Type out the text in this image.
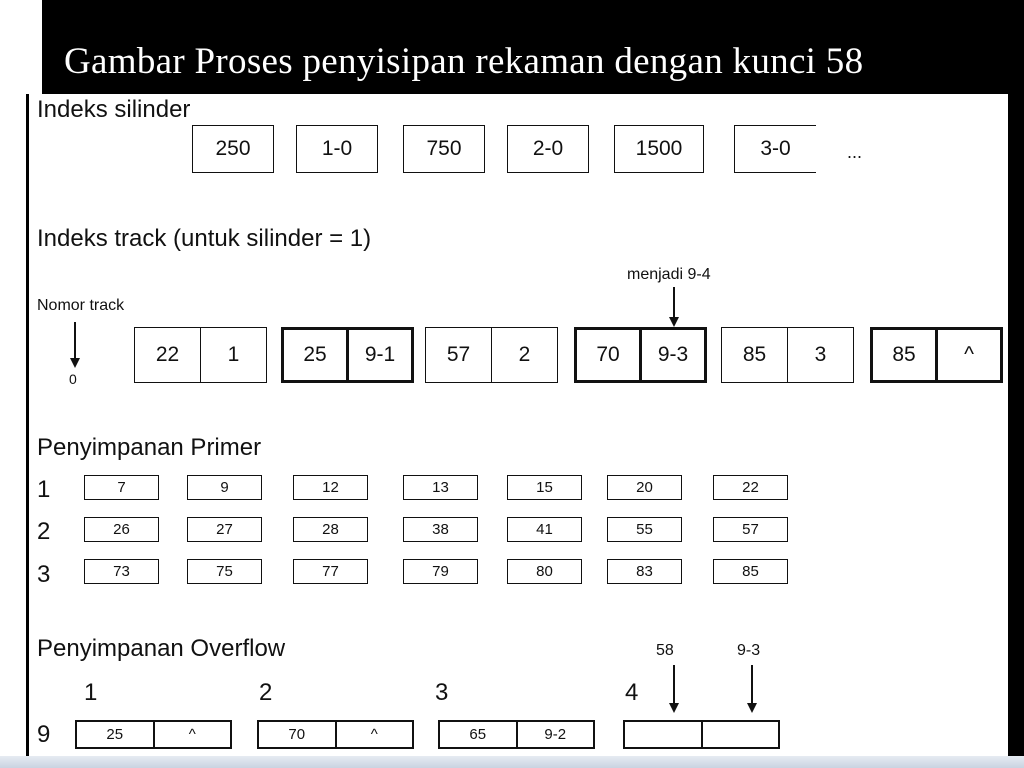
Gambar Proses penyisipan rekaman dengan kunci 58
Indeks silinder
250	1-0	750	2-0	1500	3-0	...
Indeks track (untuk silinder = 1)
Nomor track
0
menjadi 9-4
22	1	25	9-1	57	2	70	9-3	85	3	85	^
Penyimpanan Primer
1
2
3
7	9	12	13	15	20	22
26	27	28	38	41	55	57
73	75	77	79	80	83	85
Penyimpanan Overflow
1	2	3	4
9
58	9-3
25	^	70	^	65	9-2
